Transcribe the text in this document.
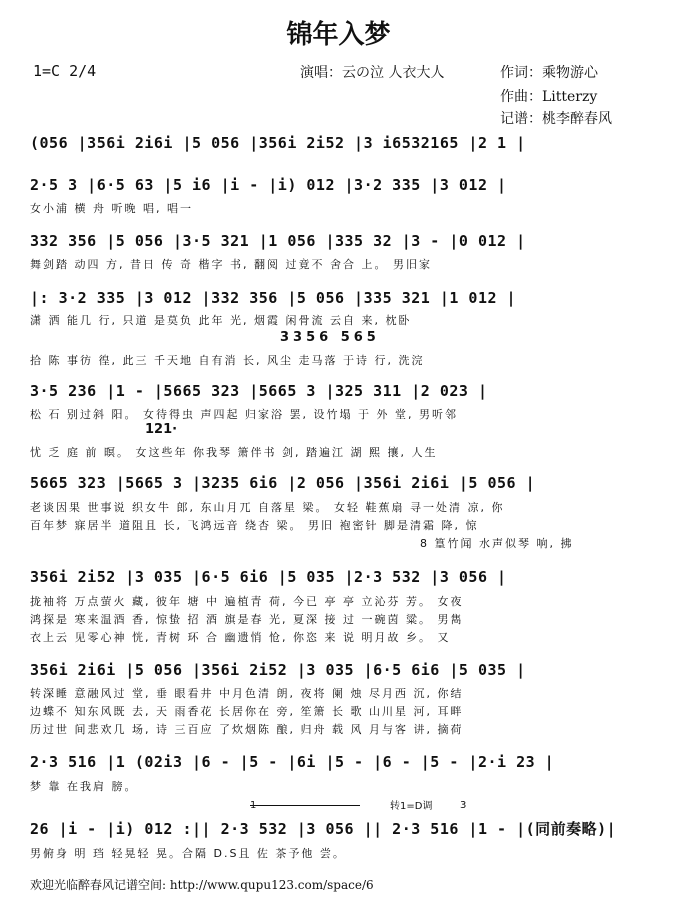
锦年入梦
1=C 2/4	演唱：云の泣 人衣大人	作词：乘物游心
作曲：Litterzy
记谱：桃李醉春风
(056 |356i 2i6i |5 056 |356i 2i52 |3 i6532165 |2 1 |
2·5 3 |6·5 63 |5 i6 |i - |i) 012 |3·2 335 |3 012 |
女小浦 横 舟 听晚 唱, 唱一
332 356 |5 056 |3·5 321 |1 056 |335 32 |3 - |0 012 |
舞剑踏 动四 方, 昔日 传 奇 楷字 书, 翻阅 过竟不 舍合 上。 男旧家
|: 3·2 335 |3 012 |332 356 |5 056 |335 321 |1 012 |
潇 洒 能几 行, 只道 是莫负 此年 光, 烟霞 闲骨流 云自 来, 枕卧
3356 565
拾 陈 事彷 徨, 此三 千天地 自有消 长, 风尘 走马落 于诗 行, 洗浣
3·5 236 |1 - |5665 323 |5665 3 |325 311 |2 023 |
松 石 别过斜 阳。 女待得虫 声四起 归家浴 罢, 设竹塌 于 外 堂, 男听邻
121·
忧 乏 庭 前 暝。 女这些年 你我琴 箫伴书 剑, 踏遍江 湖 熙 攘, 人生
5665 323 |5665 3 |3235 6i6 |2 056 |356i 2i6i |5 056 |
老谈因果 世事说 织女牛 郎, 东山月兀 自落星 梁。 女轻 鞋蕉扇 寻一处清 凉, 你
百年梦 寐居半 道阻且 长, 飞鸿远音 绕杏 梁。 男旧 袍密针 脚是清霜 降, 惊
8 篁竹闻 水声似琴 响, 拂
356i 2i52 |3 035 |6·5 6i6 |5 035 |2·3 532 |3 056 |
拢袖将 万点萤火 藏, 彼年 塘 中 遍植青 荷, 今已 亭 亭 立沁芬 芳。 女夜
鸿探是 寒来温酒 香, 惊蛰 招 酒 旗是春 光, 夏深 接 过 一碗茵 粱。 男雋
衣上云 见零心神 恍, 青树 环 合 幽遗悄 怆, 你恣 来 说 明月故 乡。 又
356i 2i6i |5 056 |356i 2i52 |3 035 |6·5 6i6 |5 035 |
转深睡 意融风过 堂, 垂 眼看井 中月色清 朗, 夜将 阑 烛 尽月西 沉, 你结
边蝶不 知东风既 去, 天 雨香花 长居你在 旁, 笙箫 长 歌 山川星 河, 耳畔
历过世 间悲欢几 场, 诗 三百应 了炊烟陈 酿, 归舟 载 风 月与客 讲, 摘荷
2·3 516 |1 (02i3 |6 - |5 - |6i |5 - |6 - |5 - |2·i 23 |
梦 靠 在我肩 膀。
1	转1=D调	3
26 |i - |i) 012 :|| 2·3 532 |3 056 || 2·3 516 |1 - |(同前奏略)|
男俯身 明 珰 轻晃轻 晃。合隔 D.S且 佐 茶予他 尝。
欢迎光临醉春风记谱空间: http://www.qupu123.com/space/6
